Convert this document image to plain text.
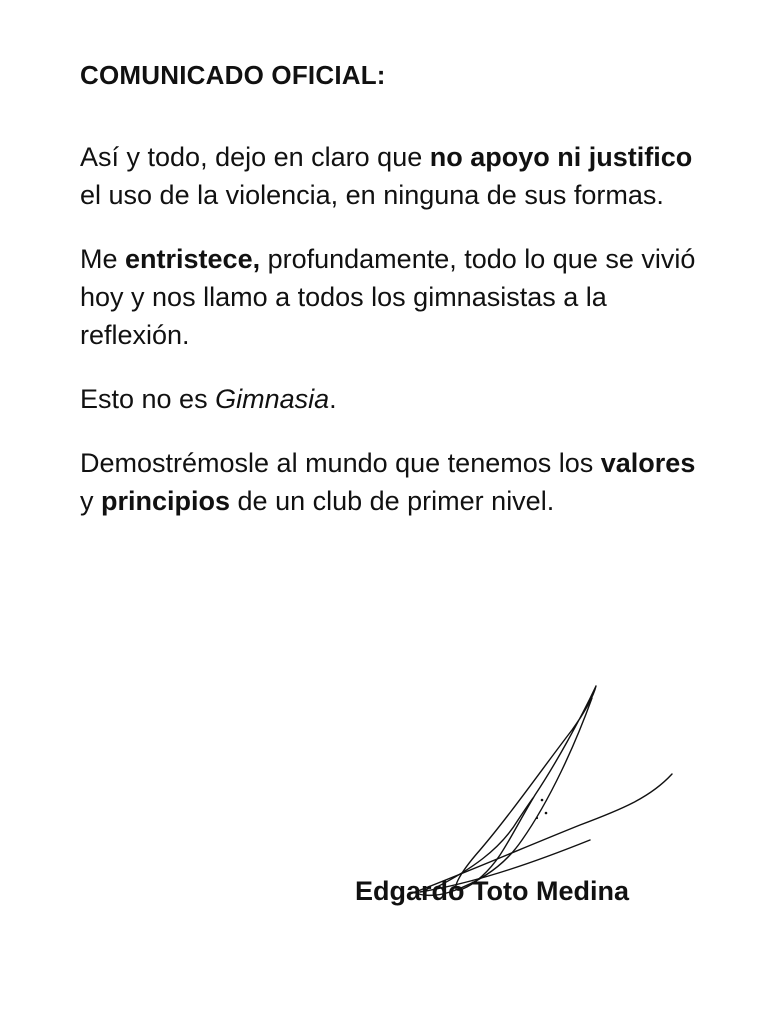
COMUNICADO OFICIAL:

Así y todo, dejo en claro que no apoyo ni justifico el uso de la violencia, en ninguna de sus formas.

Me entristece, profundamente, todo lo que se vivió hoy y nos llamo a todos los gimnasistas a la reflexión.

Esto no es Gimnasia.

Demostrémosle al mundo que tenemos los valores y principios de un club de primer nivel.

Edgardo Toto Medina
